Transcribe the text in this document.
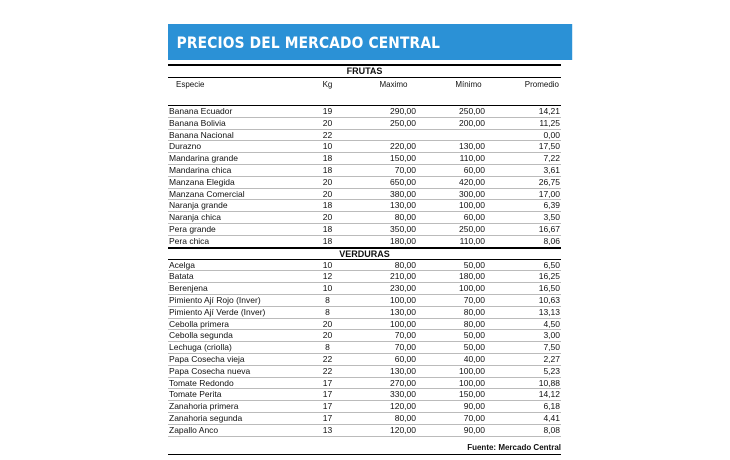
PRECIOS DEL MERCADO CENTRAL
FRUTAS
Especie	Kg	Maximo	Mínimo	Promedio
Banana Ecuador	19	290,00	250,00	14,21
Banana Bolivia	20	250,00	200,00	11,25
Banana Nacional	22			0,00
Durazno	10	220,00	130,00	17,50
Mandarina grande	18	150,00	110,00	7,22
Mandarina chica	18	70,00	60,00	3,61
Manzana Elegida	20	650,00	420,00	26,75
Manzana Comercial	20	380,00	300,00	17,00
Naranja grande	18	130,00	100,00	6,39
Naranja chica	20	80,00	60,00	3,50
Pera grande	18	350,00	250,00	16,67
Pera chica	18	180,00	110,00	8,06
VERDURAS				
Acelga	10	80,00	50,00	6,50
Batata	12	210,00	180,00	16,25
Berenjena	10	230,00	100,00	16,50
Pimiento Ají Rojo (Inver)	8	100,00	70,00	10,63
Pimiento Ají Verde (Inver)	8	130,00	80,00	13,13
Cebolla primera	20	100,00	80,00	4,50
Cebolla segunda	20	70,00	50,00	3,00
Lechuga (criolla)	8	70,00	50,00	7,50
Papa Cosecha vieja	22	60,00	40,00	2,27
Papa Cosecha nueva	22	130,00	100,00	5,23
Tomate Redondo	17	270,00	100,00	10,88
Tomate Perita	17	330,00	150,00	14,12
Zanahoria primera	17	120,00	90,00	6,18
Zanahoria segunda	17	80,00	70,00	4,41
Zapallo Anco	13	120,00	90,00	8,08
Fuente: Mercado Central
